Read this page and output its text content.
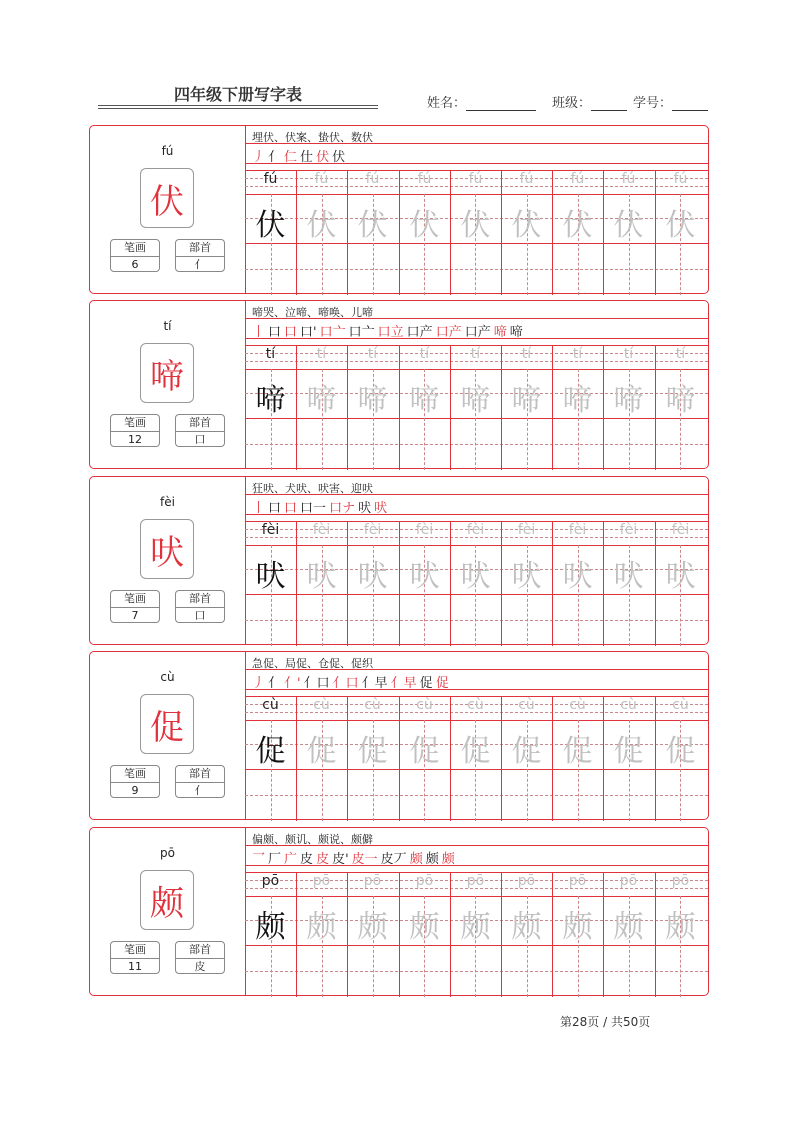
四年级下册写字表	姓名：	班级：	学号：
fú
伏
笔画
6
部首
亻
埋伏、伏案、蛰伏、数伏
丿 亻 仁 仕 伏 伏
fú
伏
fú
伏
fú
伏
fú
伏
fú
伏
fú
伏
fú
伏
fú
伏
fú
伏
tí
啼
笔画
12
部首
口
啼哭、泣啼、啼唤、儿啼
丨 口 口 口' 口亠 口亠 口立 口产 口产 口产 啼 啼
tí
啼
tí
啼
tí
啼
tí
啼
tí
啼
tí
啼
tí
啼
tí
啼
tí
啼
fèi
吠
笔画
7
部首
口
狂吠、犬吠、吠害、迎吠
丨 口 口 口一 口ナ 吠 吠
fèi
吠
fèi
吠
fèi
吠
fèi
吠
fèi
吠
fèi
吠
fèi
吠
fèi
吠
fèi
吠
cù
促
笔画
9
部首
亻
急促、局促、仓促、促织
丿 亻 亻' 亻口 亻口 亻早 亻早 促 促
cù
促
cù
促
cù
促
cù
促
cù
促
cù
促
cù
促
cù
促
cù
促
pō
颇
笔画
11
部首
皮
偏颇、颇讥、颇说、颇僻
乛 厂 广 皮 皮 皮' 皮一 皮丆 颇 颇 颇
pō
颇
pō
颇
pō
颇
pō
颇
pō
颇
pō
颇
pō
颇
pō
颇
pō
颇
第28页 / 共50页
